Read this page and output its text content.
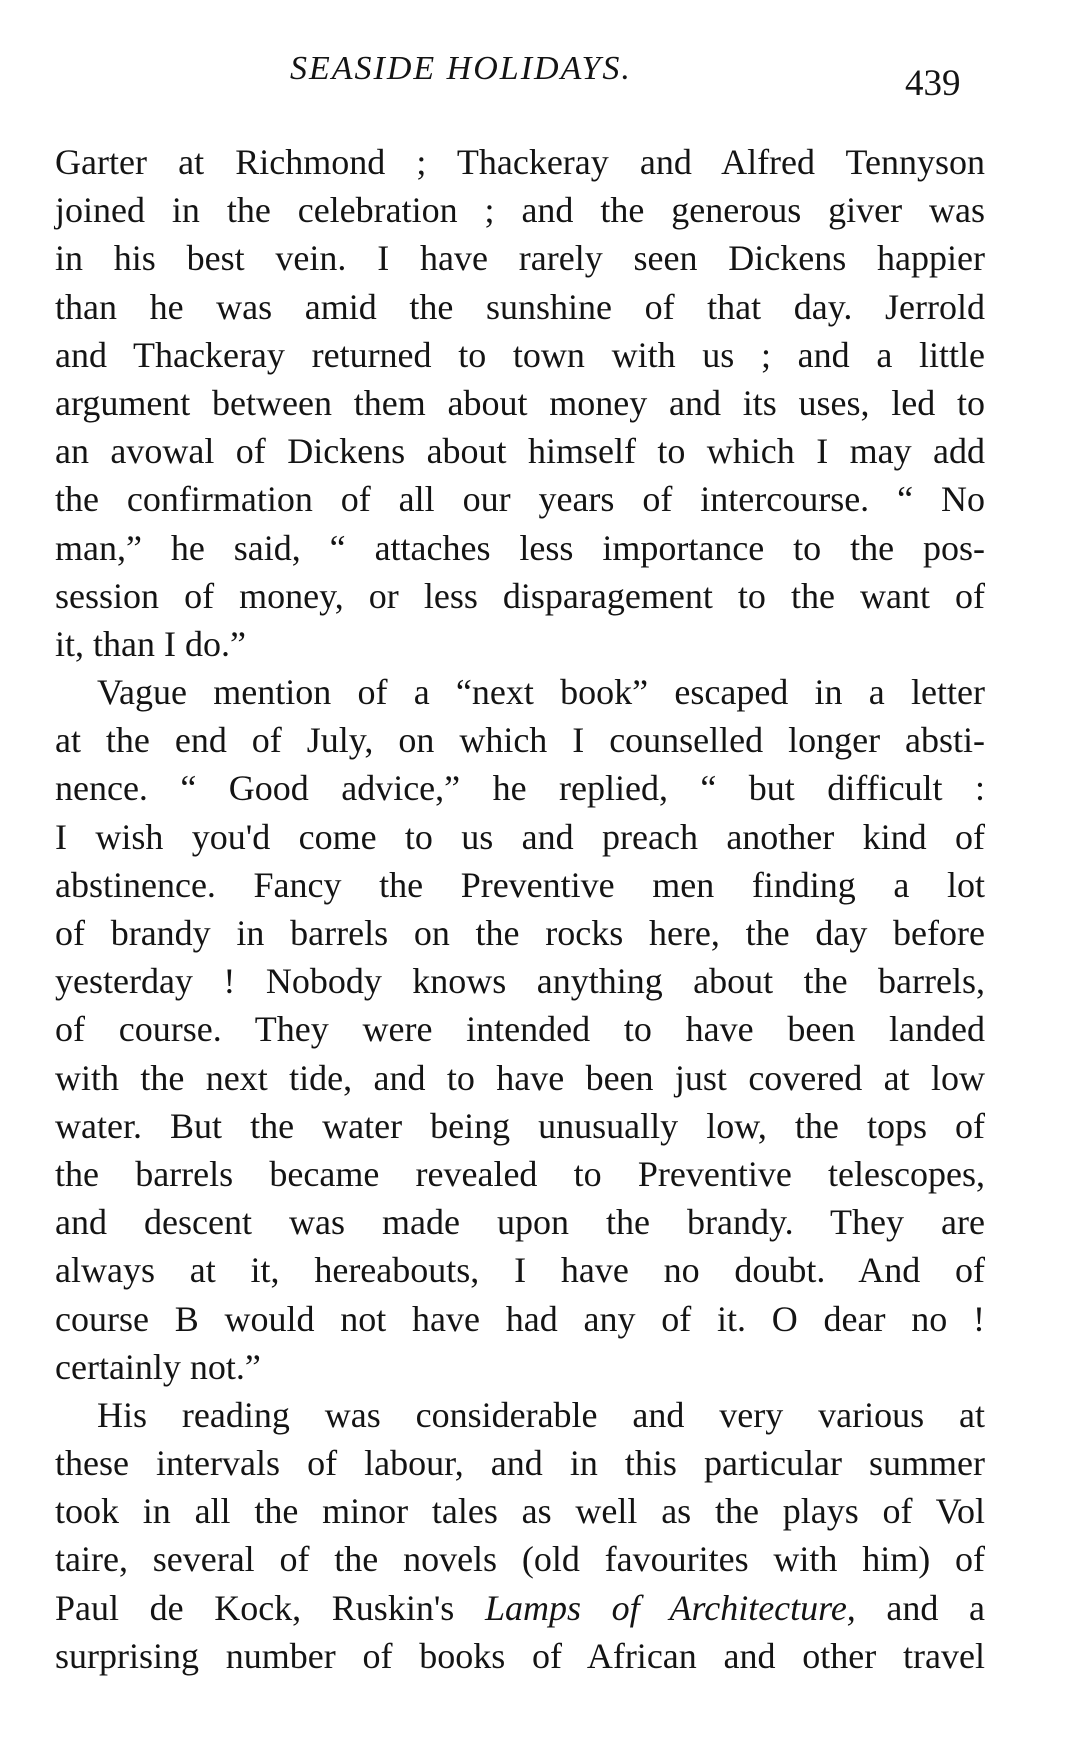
SEASIDE HOLIDAYS.	439
Garter at Richmond ; Thackeray and Alfred Tennyson
joined in the celebration ; and the generous giver was
in his best vein. I have rarely seen Dickens happier
than he was amid the sunshine of that day. Jerrold
and Thackeray returned to town with us ; and a little
argument between them about money and its uses, led to
an avowal of Dickens about himself to which I may add
the confirmation of all our years of intercourse. “ No
man,” he said, “ attaches less importance to the pos-
session of money, or less disparagement to the want of
it, than I do.”
Vague mention of a “next book” escaped in a letter
at the end of July, on which I counselled longer absti-
nence. “ Good advice,” he replied, “ but difficult :
I wish you'd come to us and preach another kind of
abstinence. Fancy the Preventive men finding a lot
of brandy in barrels on the rocks here, the day before
yesterday ! Nobody knows anything about the barrels,
of course. They were intended to have been landed
with the next tide, and to have been just covered at low
water. But the water being unusually low, the tops of
the barrels became revealed to Preventive telescopes,
and descent was made upon the brandy. They are
always at it, hereabouts, I have no doubt. And of
course B would not have had any of it. O dear no !
certainly not.”
His reading was considerable and very various at
these intervals of labour, and in this particular summer
took in all the minor tales as well as the plays of Vol
taire, several of the novels (old favourites with him) of
Paul de Kock, Ruskin's Lamps of Architecture, and a
surprising number of books of African and other travel
